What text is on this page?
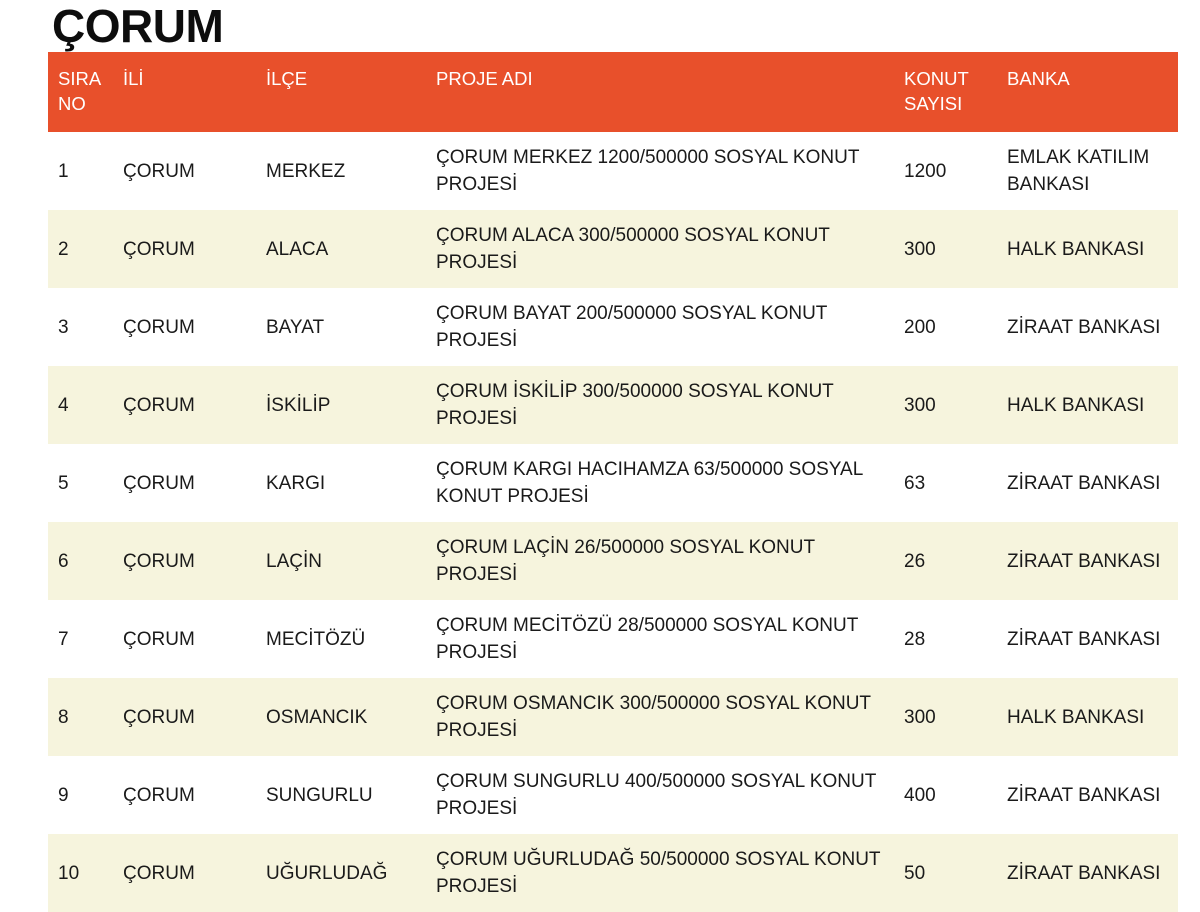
ÇORUM
SIRA NO	İLİ	İLÇE	PROJE ADI	KONUT SAYISI	BANKA
1	ÇORUM	MERKEZ	ÇORUM MERKEZ 1200/500000 SOSYAL KONUT PROJESİ	1200	EMLAK KATILIM BANKASI
2	ÇORUM	ALACA	ÇORUM ALACA 300/500000 SOSYAL KONUT PROJESİ	300	HALK BANKASI
3	ÇORUM	BAYAT	ÇORUM BAYAT 200/500000 SOSYAL KONUT PROJESİ	200	ZİRAAT BANKASI
4	ÇORUM	İSKİLİP	ÇORUM İSKİLİP 300/500000 SOSYAL KONUT PROJESİ	300	HALK BANKASI
5	ÇORUM	KARGI	ÇORUM KARGI HACIHAMZA 63/500000 SOSYAL KONUT PROJESİ	63	ZİRAAT BANKASI
6	ÇORUM	LAÇİN	ÇORUM LAÇİN 26/500000 SOSYAL KONUT PROJESİ	26	ZİRAAT BANKASI
7	ÇORUM	MECİTÖZÜ	ÇORUM MECİTÖZÜ 28/500000 SOSYAL KONUT PROJESİ	28	ZİRAAT BANKASI
8	ÇORUM	OSMANCIK	ÇORUM OSMANCIK 300/500000 SOSYAL KONUT PROJESİ	300	HALK BANKASI
9	ÇORUM	SUNGURLU	ÇORUM SUNGURLU 400/500000 SOSYAL KONUT PROJESİ	400	ZİRAAT BANKASI
10	ÇORUM	UĞURLUDAĞ	ÇORUM UĞURLUDAĞ 50/500000 SOSYAL KONUT PROJESİ	50	ZİRAAT BANKASI
